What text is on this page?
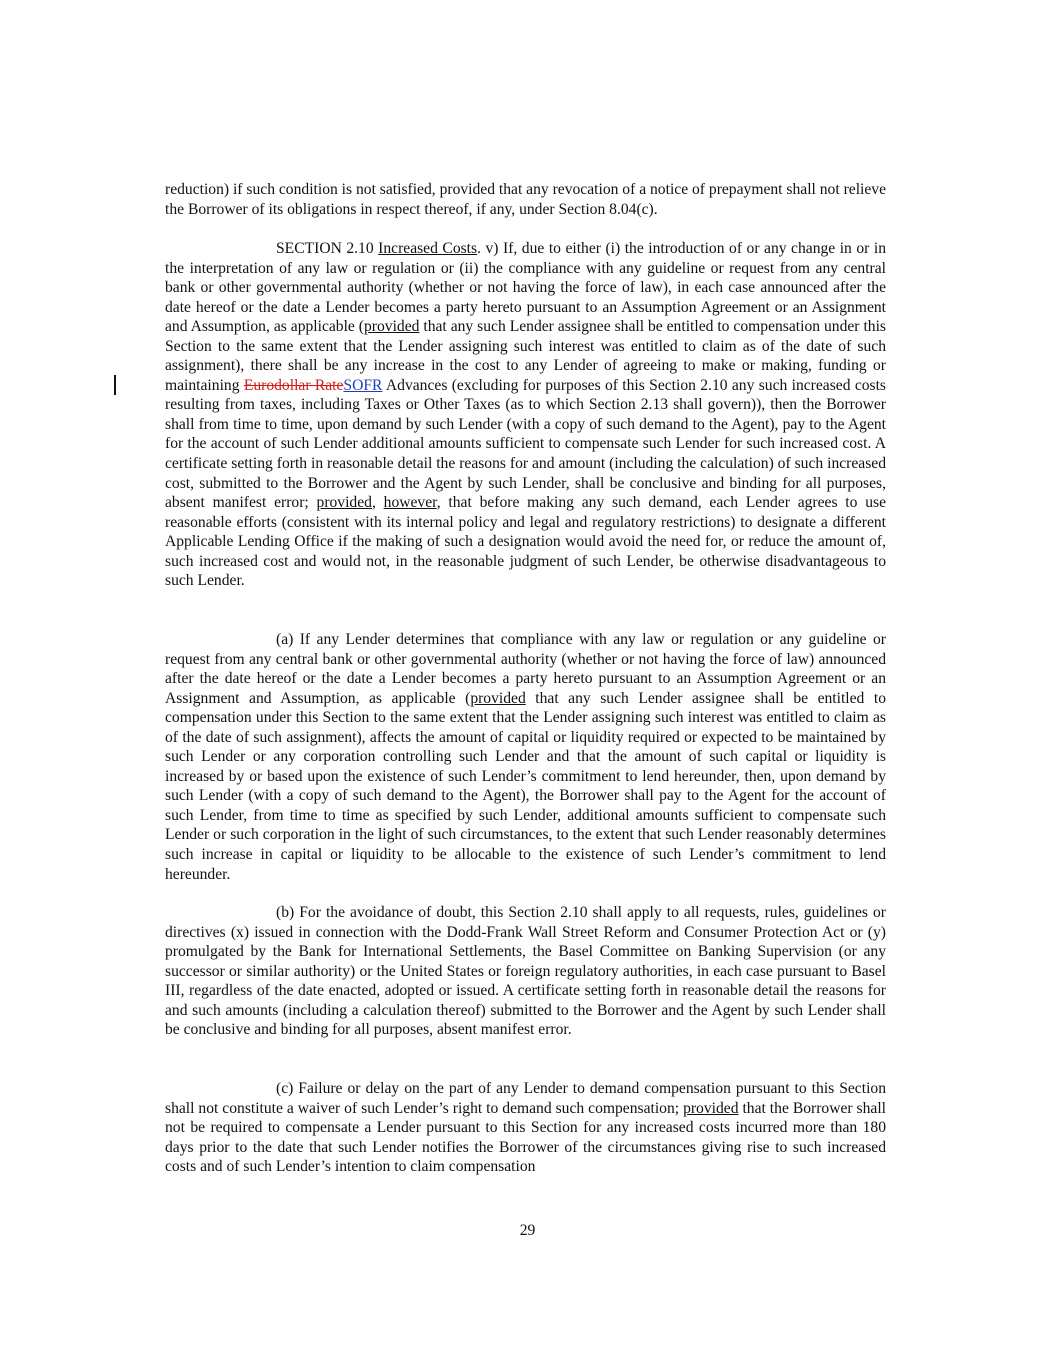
reduction) if such condition is not satisfied, provided that any revocation of a notice of prepayment shall not relieve the Borrower of its obligations in respect thereof, if any, under Section 8.04(c).

SECTION 2.10 Increased Costs. v) If, due to either (i) the introduction of or any change in or in the interpretation of any law or regulation or (ii) the compliance with any guideline or request from any central bank or other governmental authority (whether or not having the force of law), in each case announced after the date hereof or the date a Lender becomes a party hereto pursuant to an Assumption Agreement or an Assignment and Assumption, as applicable (provided that any such Lender assignee shall be entitled to compensation under this Section to the same extent that the Lender assigning such interest was entitled to claim as of the date of such assignment), there shall be any increase in the cost to any Lender of agreeing to make or making, funding or maintaining Eurodollar RateSOFR Advances (excluding for purposes of this Section 2.10 any such increased costs resulting from taxes, including Taxes or Other Taxes (as to which Section 2.13 shall govern)), then the Borrower shall from time to time, upon demand by such Lender (with a copy of such demand to the Agent), pay to the Agent for the account of such Lender additional amounts sufficient to compensate such Lender for such increased cost. A certificate setting forth in reasonable detail the reasons for and amount (including the calculation) of such increased cost, submitted to the Borrower and the Agent by such Lender, shall be conclusive and binding for all purposes, absent manifest error; provided, however, that before making any such demand, each Lender agrees to use reasonable efforts (consistent with its internal policy and legal and regulatory restrictions) to designate a different Applicable Lending Office if the making of such a designation would avoid the need for, or reduce the amount of, such increased cost and would not, in the reasonable judgment of such Lender, be otherwise disadvantageous to such Lender.

(a) If any Lender determines that compliance with any law or regulation or any guideline or request from any central bank or other governmental authority (whether or not having the force of law) announced after the date hereof or the date a Lender becomes a party hereto pursuant to an Assumption Agreement or an Assignment and Assumption, as applicable (provided that any such Lender assignee shall be entitled to compensation under this Section to the same extent that the Lender assigning such interest was entitled to claim as of the date of such assignment), affects the amount of capital or liquidity required or expected to be maintained by such Lender or any corporation controlling such Lender and that the amount of such capital or liquidity is increased by or based upon the existence of such Lender’s commitment to lend hereunder, then, upon demand by such Lender (with a copy of such demand to the Agent), the Borrower shall pay to the Agent for the account of such Lender, from time to time as specified by such Lender, additional amounts sufficient to compensate such Lender or such corporation in the light of such circumstances, to the extent that such Lender reasonably determines such increase in capital or liquidity to be allocable to the existence of such Lender’s commitment to lend hereunder.

(b) For the avoidance of doubt, this Section 2.10 shall apply to all requests, rules, guidelines or directives (x) issued in connection with the Dodd-Frank Wall Street Reform and Consumer Protection Act or (y) promulgated by the Bank for International Settlements, the Basel Committee on Banking Supervision (or any successor or similar authority) or the United States or foreign regulatory authorities, in each case pursuant to Basel III, regardless of the date enacted, adopted or issued. A certificate setting forth in reasonable detail the reasons for and such amounts (including a calculation thereof) submitted to the Borrower and the Agent by such Lender shall be conclusive and binding for all purposes, absent manifest error.

(c) Failure or delay on the part of any Lender to demand compensation pursuant to this Section shall not constitute a waiver of such Lender’s right to demand such compensation; provided that the Borrower shall not be required to compensate a Lender pursuant to this Section for any increased costs incurred more than 180 days prior to the date that such Lender notifies the Borrower of the circumstances giving rise to such increased costs and of such Lender’s intention to claim compensation

29
